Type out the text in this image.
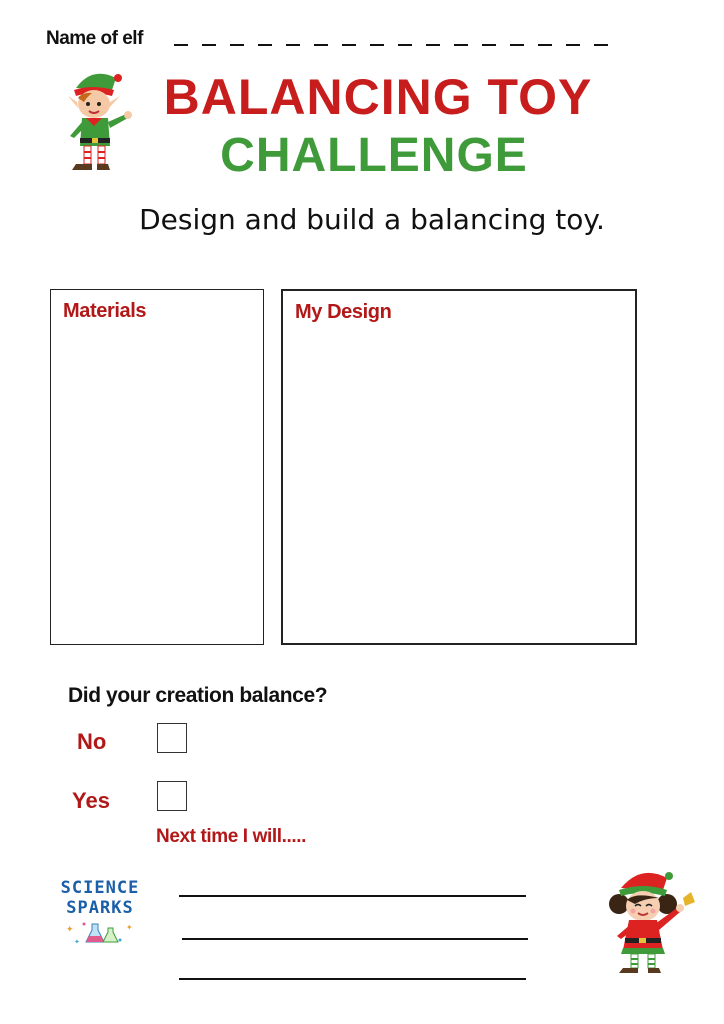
Name of elf
BALANCING TOY
CHALLENGE
Design and build a balancing toy.
Materials	My Design
Did your creation balance?
No
Yes
Next time I will.....
SCIENCE
SPARKS
✦	✦
✦
